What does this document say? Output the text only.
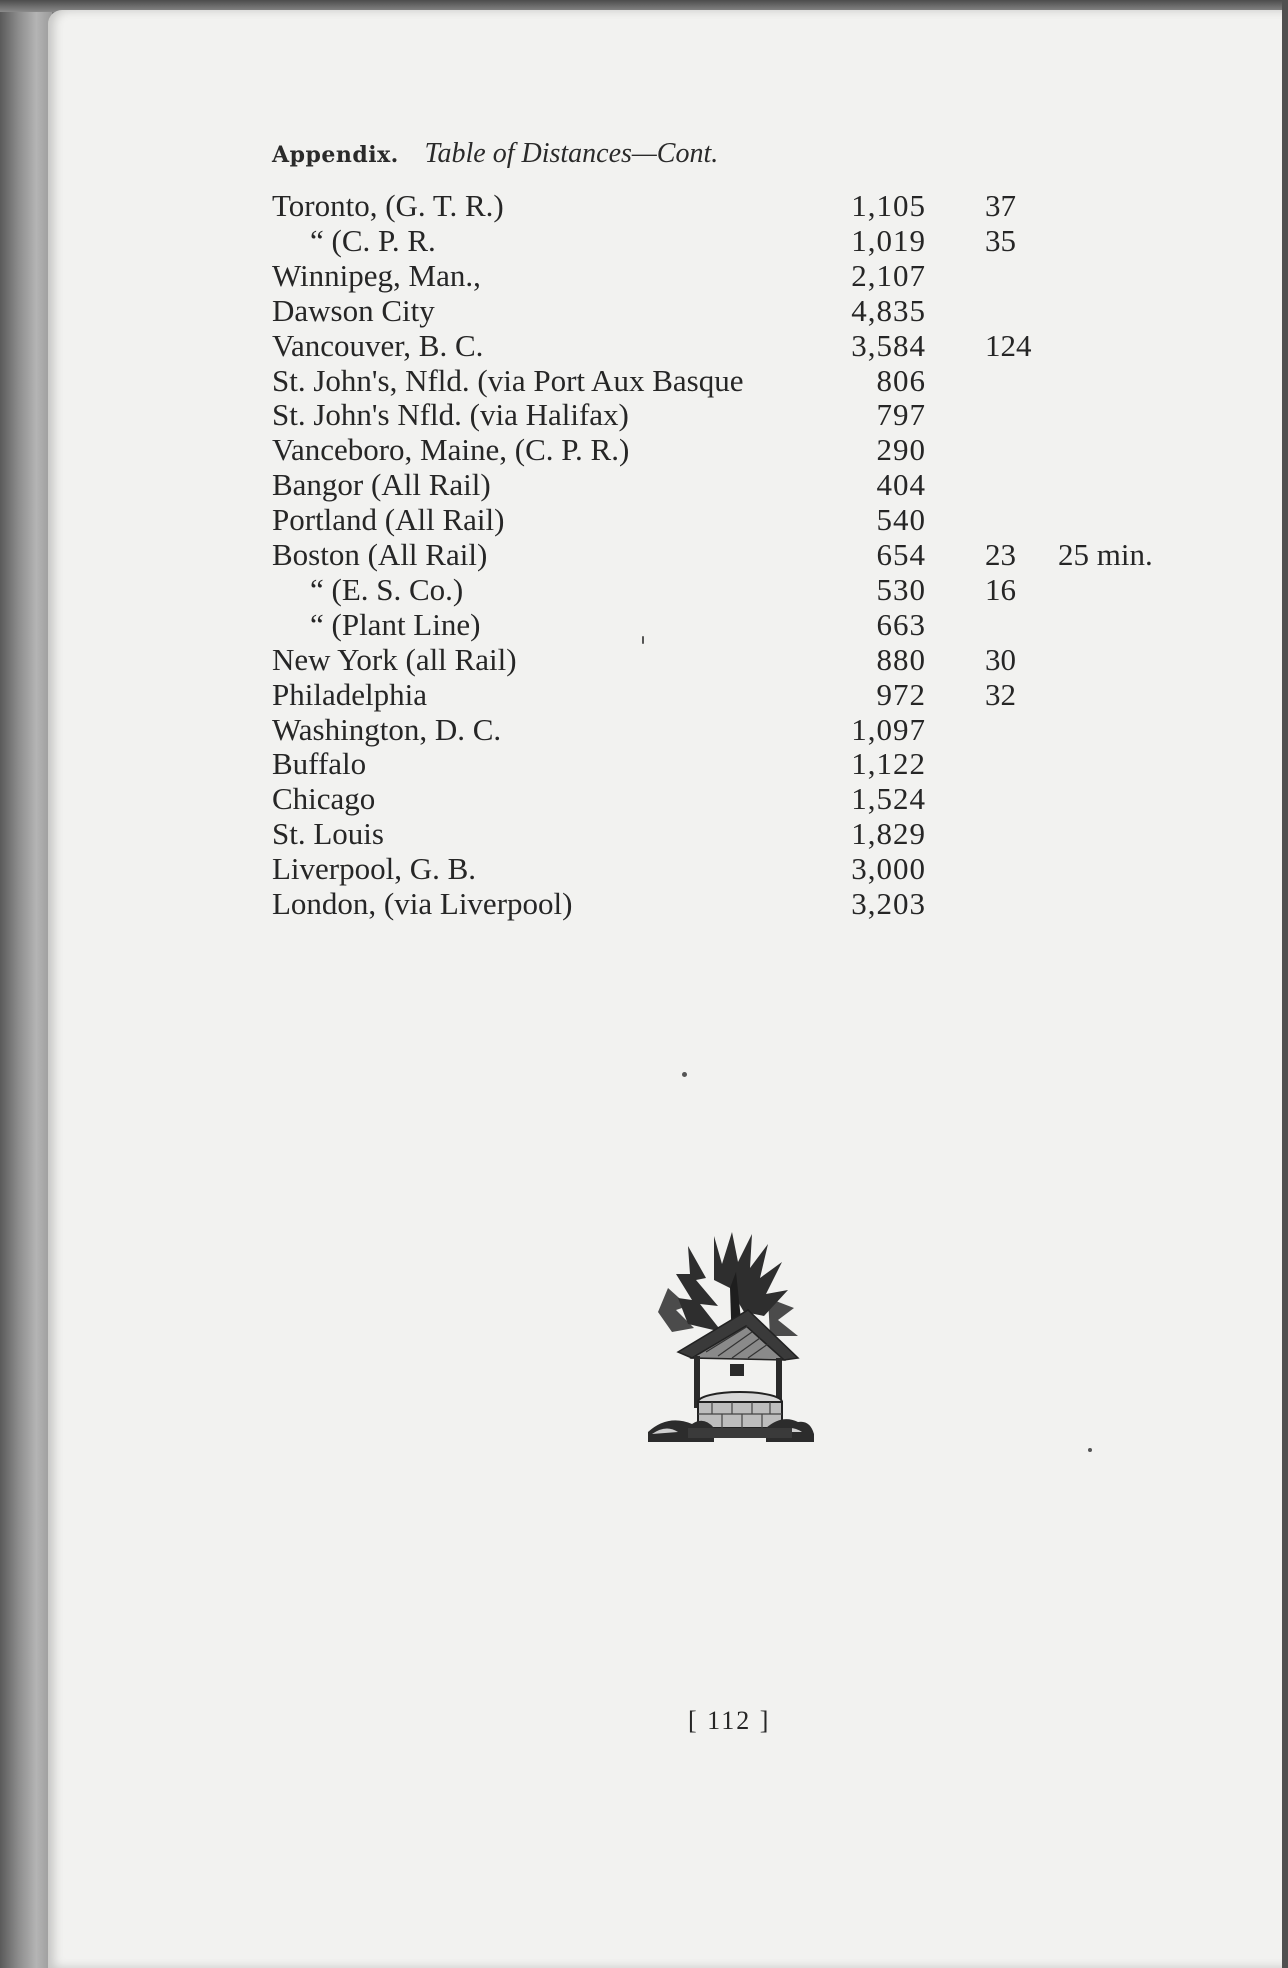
Appendix. Table of Distances—Cont.
Toronto, (G. T. R.)	1,105 37
“ (C. P. R.	1,019 35
Winnipeg, Man.,	2,107
Dawson City	4,835
Vancouver, B. C.	3,584 124
St. John's, Nfld. (via Port Aux Basque	806
St. John's Nfld. (via Halifax)	797
Vanceboro, Maine, (C. P. R.)	290
Bangor (All Rail)	404
Portland (All Rail)	540
Boston (All Rail)	654 23 25 min.
“ (E. S. Co.)	530 16
“ (Plant Line)	663
New York (all Rail)	880 30
Philadelphia	972 32
Washington, D. C.	1,097
Buffalo	1,122
Chicago	1,524
St. Louis	1,829
Liverpool, G. B.	3,000
London, (via Liverpool)	3,203
[ 112 ]
